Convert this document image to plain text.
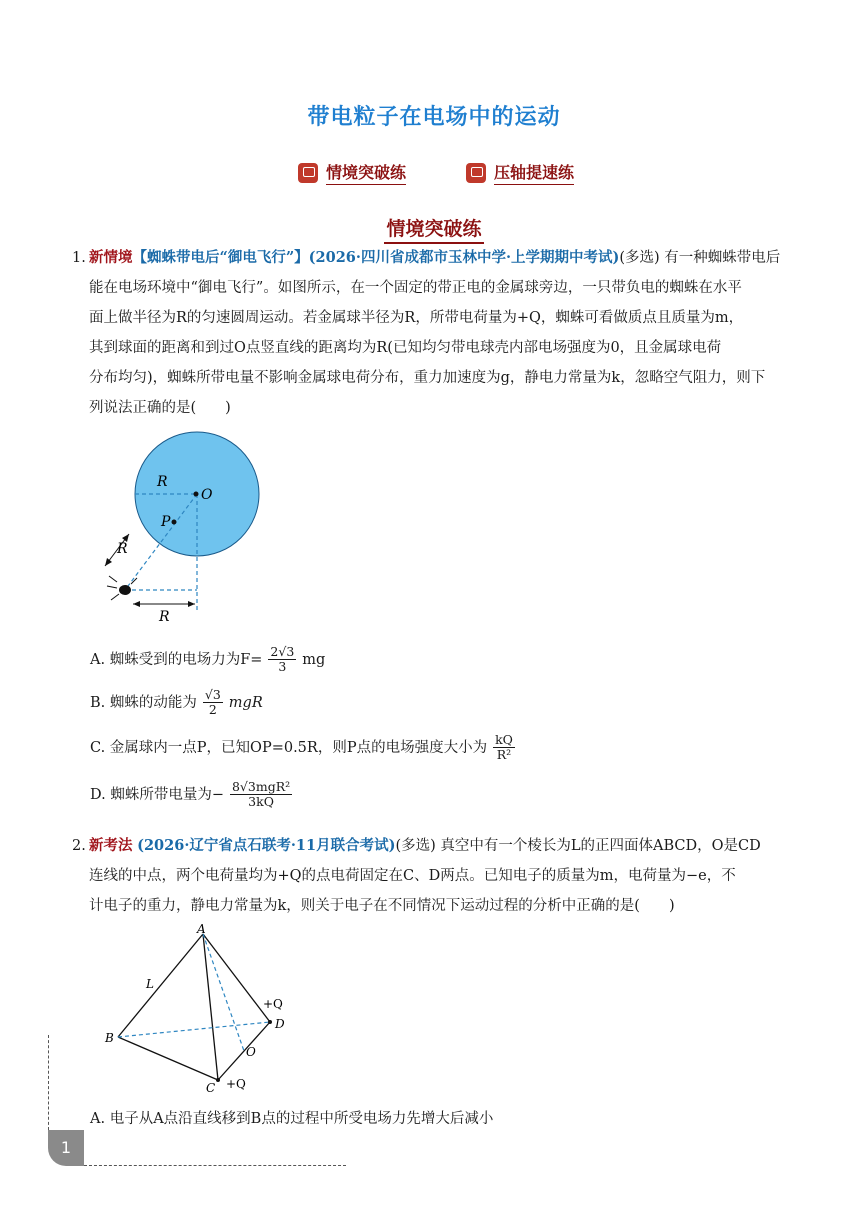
带电粒子在电场中的运动
情境突破练	压轴提速练
情境突破练
1. 新情境【蜘蛛带电后“御电飞行”】(2026·四川省成都市玉林中学·上学期期中考试)(多选) 有一种蜘蛛带电后
能在电场环境中“御电飞行”。如图所示，在一个固定的带正电的金属球旁边，一只带负电的蜘蛛在水平
面上做半径为R的匀速圆周运动。若金属球半径为R，所带电荷量为+Q，蜘蛛可看做质点且质量为m，
其到球面的距离和到过O点竖直线的距离均为R(已知均匀带电球壳内部电场强度为0，且金属球电荷
分布均匀)，蜘蛛所带电量不影响金属球电荷分布，重力加速度为g，静电力常量为k，忽略空气阻力，则下
列说法正确的是(　　)
R
O
P
R
R
A. 蜘蛛受到的电场力为$F= \frac{2√3}{3}$ mg
B. 蜘蛛的动能为 $\frac{√3}{2}$ mgR
C. 金属球内一点P，已知OP=0.5R，则P点的电场强度大小为 $\frac{kQ}{\text{R²}}$
D. 蜘蛛所带电量为− $\frac{\text{8√3mgR²}}{3kQ}$
2. 新考法 (2026·辽宁省点石联考·11月联合考试)(多选) 真空中有一个棱长为L的正四面体ABCD，O是CD
连线的中点，两个电荷量均为+Q的点电荷固定在C、D两点。已知电子的质量为m，电荷量为−e，不
计电子的重力，静电力常量为k，则关于电子在不同情况下运动过程的分析中正确的是(　　)
A
B
C
D
O
L
+Q
+Q
A. 电子从A点沿直线移到B点的过程中所受电场力先增大后减小
1
